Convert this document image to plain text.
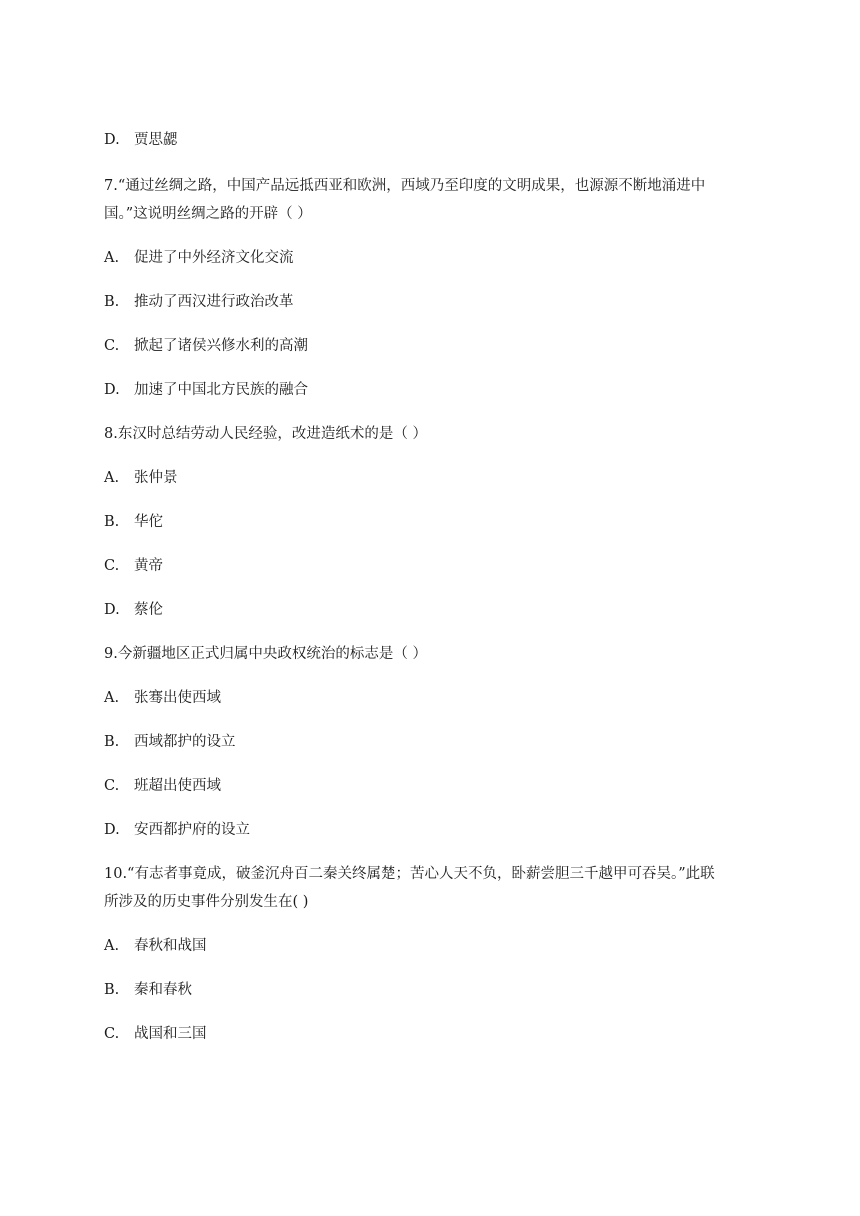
D. 贾思勰
7.“通过丝绸之路，中国产品远抵西亚和欧洲，西域乃至印度的文明成果，也源源不断地涌进中
国。”这说明丝绸之路的开辟（ ）
A. 促进了中外经济文化交流
B. 推动了西汉进行政治改革
C. 掀起了诸侯兴修水利的高潮
D. 加速了中国北方民族的融合
8.东汉时总结劳动人民经验，改进造纸术的是（ ）
A. 张仲景
B. 华佗
C. 黄帝
D. 蔡伦
9.今新疆地区正式归属中央政权统治的标志是（ ）
A. 张骞出使西域
B. 西域都护的设立
C. 班超出使西域
D. 安西都护府的设立
10.“有志者事竟成，破釜沉舟百二秦关终属楚；苦心人天不负，卧薪尝胆三千越甲可吞吴。”此联
所涉及的历史事件分别发生在( )
A. 春秋和战国
B. 秦和春秋
C. 战国和三国
